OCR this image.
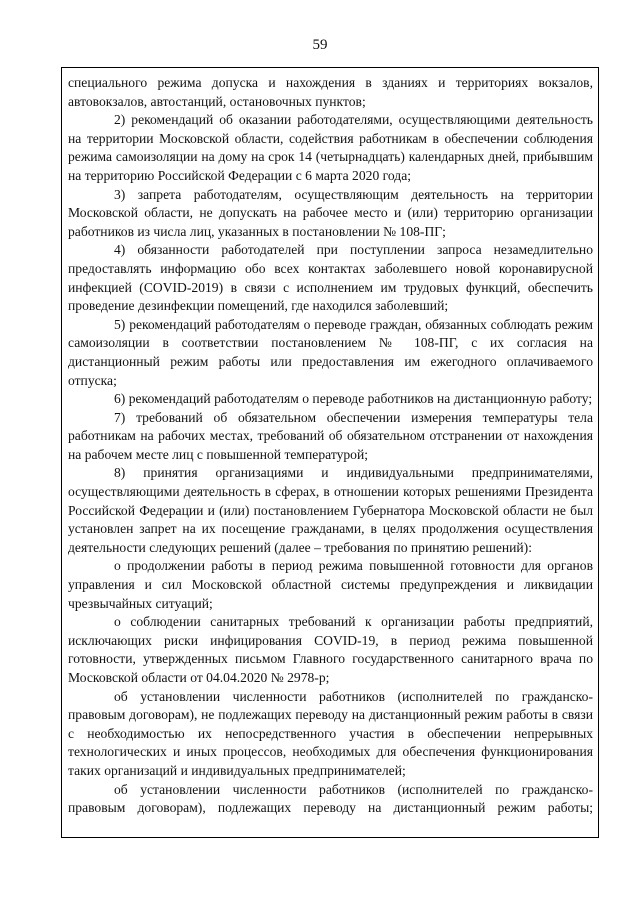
59

специального режима допуска и нахождения в зданиях и территориях вокзалов, автовокзалов, автостанций, остановочных пунктов;

2) рекомендаций об оказании работодателями, осуществляющими деятельность на территории Московской области, содействия работникам в обеспечении соблюдения режима самоизоляции на дому на срок 14 (четырнадцать) календарных дней, прибывшим на территорию Российской Федерации с 6 марта 2020 года;

3) запрета работодателям, осуществляющим деятельность на территории Московской области, не допускать на рабочее место и (или) территорию организации работников из числа лиц, указанных в постановлении № 108-ПГ;

4) обязанности работодателей при поступлении запроса незамедлительно предоставлять информацию обо всех контактах заболевшего новой коронавирусной инфекцией (COVID-2019) в связи с исполнением им трудовых функций, обеспечить проведение дезинфекции помещений, где находился заболевший;

5) рекомендаций работодателям о переводе граждан, обязанных соблюдать режим самоизоляции в соответствии постановлением № 108-ПГ, с их согласия на дистанционный режим работы или предоставления им ежегодного оплачиваемого отпуска;

6) рекомендаций работодателям о переводе работников на дистанционную работу;

7) требований об обязательном обеспечении измерения температуры тела работникам на рабочих местах, требований об обязательном отстранении от нахождения на рабочем месте лиц с повышенной температурой;

8) принятия организациями и индивидуальными предпринимателями, осуществляющими деятельность в сферах, в отношении которых решениями Президента Российской Федерации и (или) постановлением Губернатора Московской области не был установлен запрет на их посещение гражданами, в целях продолжения осуществления деятельности следующих решений (далее – требования по принятию решений):

о продолжении работы в период режима повышенной готовности для органов управления и сил Московской областной системы предупреждения и ликвидации чрезвычайных ситуаций;

о соблюдении санитарных требований к организации работы предприятий, исключающих риски инфицирования COVID-19, в период режима повышенной готовности, утвержденных письмом Главного государственного санитарного врача по Московской области от 04.04.2020 № 2978-р;

об установлении численности работников (исполнителей по гражданско-правовым договорам), не подлежащих переводу на дистанционный режим работы в связи с необходимостью их непосредственного участия в обеспечении непрерывных технологических и иных процессов, необходимых для обеспечения функционирования таких организаций и индивидуальных предпринимателей;

об установлении численности работников (исполнителей по гражданско-правовым договорам), подлежащих переводу на дистанционный режим работы;
